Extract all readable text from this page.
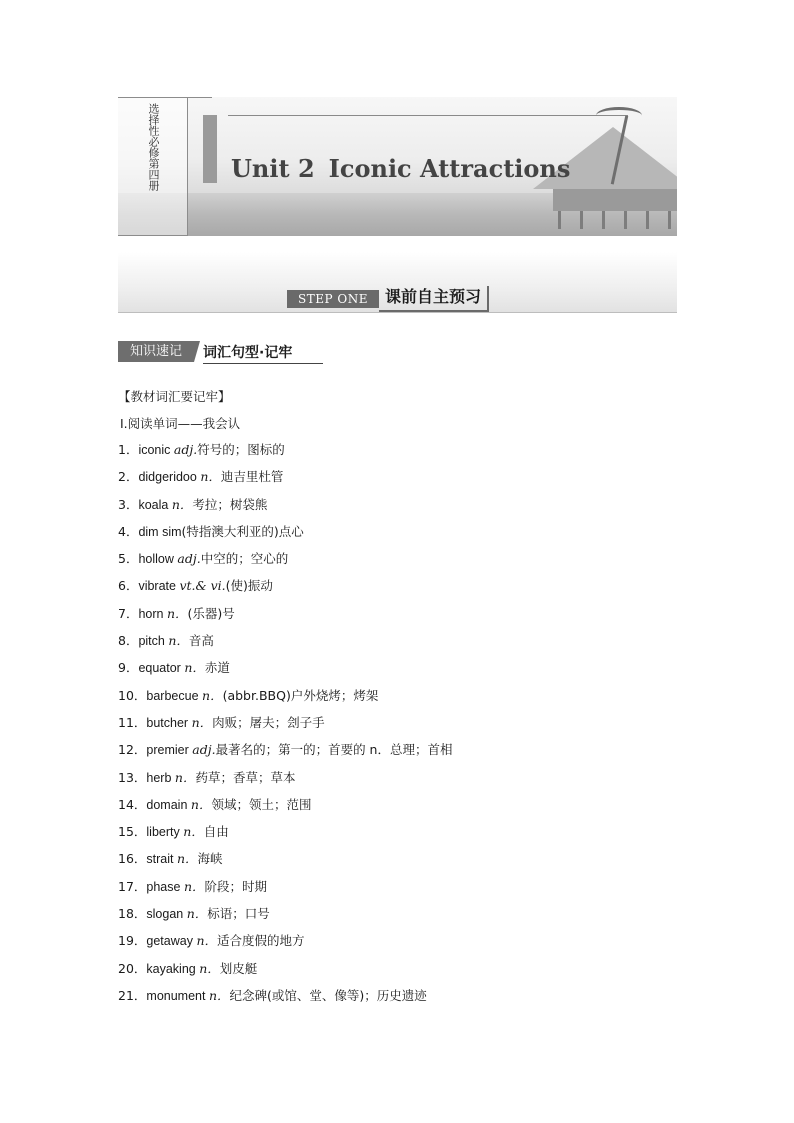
选择性必修第四册	Unit 2 Iconic Attractions
STEP ONE	课前自主预习
知识速记	词汇句型·记牢
【教材词汇要记牢】
Ⅰ.阅读单词——我会认
1．iconic adj.符号的；图标的
2．didgeridoo n．迪吉里杜管
3．koala n．考拉；树袋熊
4．dim sim(特指澳大利亚的)点心
5．hollow adj.中空的；空心的
6．vibrate vt.& vi.(使)振动
7．horn n．(乐器)号
8．pitch n．音高
9．equator n．赤道
10．barbecue n．(abbr.BBQ)户外烧烤；烤架
11．butcher n．肉贩；屠夫；刽子手
12．premier adj.最著名的；第一的；首要的 n．总理；首相
13．herb n．药草；香草；草本
14．domain n．领域；领土；范围
15．liberty n．自由
16．strait n．海峡
17．phase n．阶段；时期
18．slogan n．标语；口号
19．getaway n．适合度假的地方
20．kayaking n．划皮艇
21．monument n．纪念碑(或馆、堂、像等)；历史遗迹
